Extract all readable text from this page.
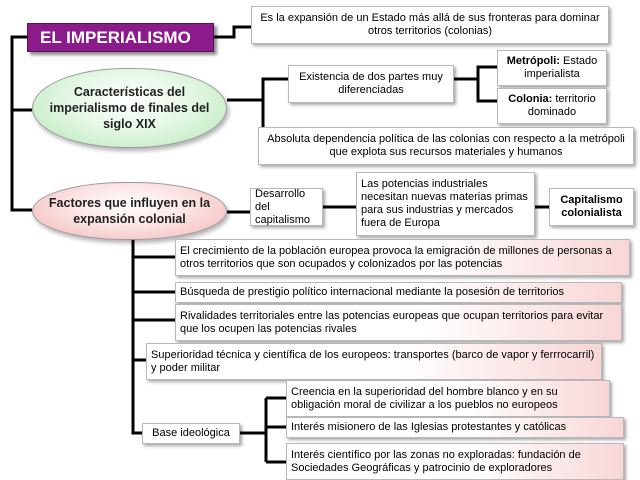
EL IMPERIALISMO
Es la expansión de un Estado más allá de sus fronteras para dominar otros territorios (colonias)
Características del imperialismo de finales del siglo XIX
Existencia de dos partes muy diferenciadas
Metrópoli: Estado imperialista
Colonia: territorio dominado
Absoluta dependencia política de las colonias con respecto a la metrópoli que explota sus recursos materiales y humanos
Factores que influyen en la expansión colonial
Desarrollo del capitalismo
Las potencias industriales necesitan nuevas materias primas para sus industrias y mercados fuera de Europa
Capitalismo colonialista
El crecimiento de la población europea provoca la emigración de millones de personas a otros territorios que son ocupados y colonizados por las potencias
Búsqueda de prestigio político internacional mediante la posesión de territorios
Rivalidades territoriales entre las potencias europeas que ocupan territorios para evitar que los ocupen las potencias rivales
Superioridad técnica y científica de los europeos: transportes (barco de vapor y ferrrocarril) y poder militar
Base ideológica
Creencia en la superioridad del hombre blanco y en su obligación moral de civilizar a los pueblos no europeos
Interés misionero de las Iglesias protestantes y católicas
Interés científico por las zonas no exploradas: fundación de Sociedades Geográficas y patrocinio de exploradores
